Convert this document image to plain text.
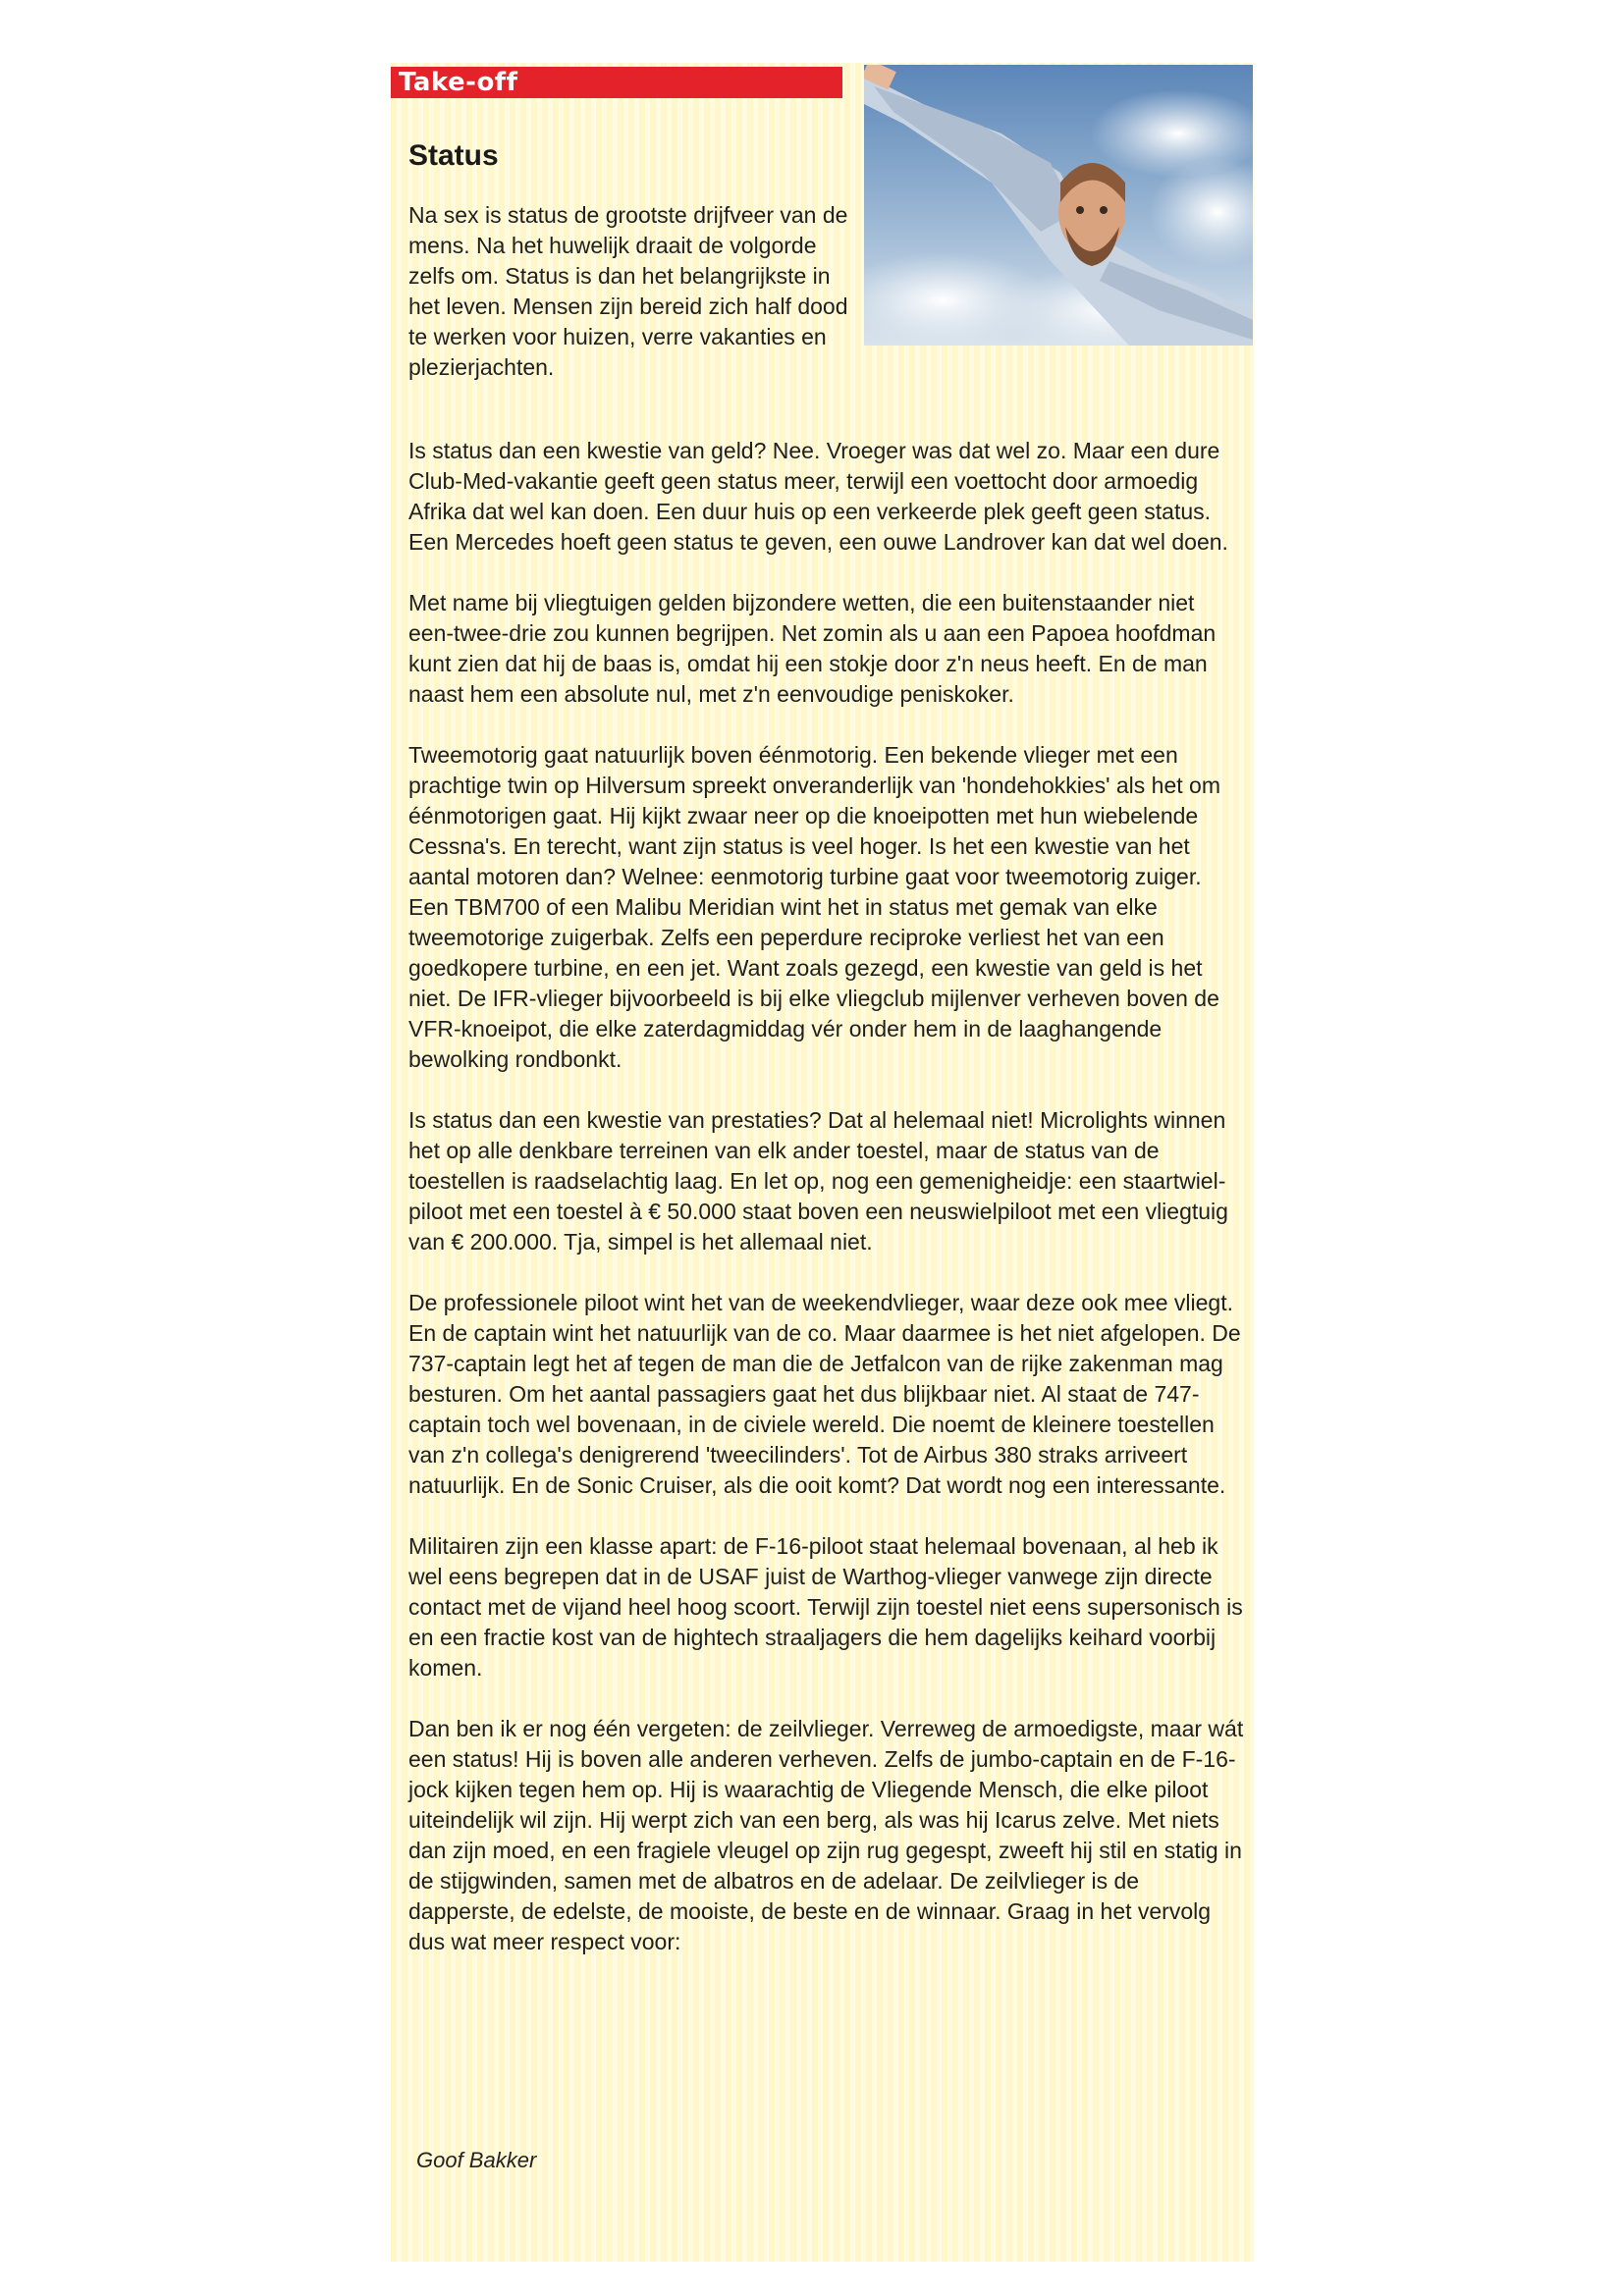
Take-off
Status

Na sex is status de grootste drijfveer van de mens. Na het huwelijk draait de volgorde zelfs om. Status is dan het belangrijkste in het leven. Mensen zijn bereid zich half dood te werken voor huizen, verre vakanties en plezierjachten.

Is status dan een kwestie van geld? Nee. Vroeger was dat wel zo. Maar een dure Club-Med-vakantie geeft geen status meer, terwijl een voettocht door armoedig Afrika dat wel kan doen. Een duur huis op een verkeerde plek geeft geen status. Een Mercedes hoeft geen status te geven, een ouwe Landrover kan dat wel doen.

Met name bij vliegtuigen gelden bijzondere wetten, die een buitenstaander niet een-twee-drie zou kunnen begrijpen. Net zomin als u aan een Papoea hoofdman kunt zien dat hij de baas is, omdat hij een stokje door z'n neus heeft. En de man naast hem een absolute nul, met z'n eenvoudige peniskoker.

Tweemotorig gaat natuurlijk boven éénmotorig. Een bekende vlieger met een prachtige twin op Hilversum spreekt onveranderlijk van 'hondehokkies' als het om éénmotorigen gaat. Hij kijkt zwaar neer op die knoeipotten met hun wiebelende Cessna's. En terecht, want zijn status is veel hoger. Is het een kwestie van het aantal motoren dan? Welnee: eenmotorig turbine gaat voor tweemotorig zuiger. Een TBM700 of een Malibu Meridian wint het in status met gemak van elke tweemotorige zuigerbak. Zelfs een peperdure reciproke verliest het van een goedkopere turbine, en een jet. Want zoals gezegd, een kwestie van geld is het niet. De IFR-vlieger bijvoorbeeld is bij elke vliegclub mijlenver verheven boven de VFR-knoeipot, die elke zaterdagmiddag vér onder hem in de laaghangende bewolking rondbonkt.

Is status dan een kwestie van prestaties? Dat al helemaal niet! Microlights winnen het op alle denkbare terreinen van elk ander toestel, maar de status van de toestellen is raadselachtig laag. En let op, nog een gemenigheidje: een staartwiel-piloot met een toestel à € 50.000 staat boven een neuswielpiloot met een vliegtuig van € 200.000. Tja, simpel is het allemaal niet.

De professionele piloot wint het van de weekendvlieger, waar deze ook mee vliegt. En de captain wint het natuurlijk van de co. Maar daarmee is het niet afgelopen. De 737-captain legt het af tegen de man die de Jetfalcon van de rijke zakenman mag besturen. Om het aantal passagiers gaat het dus blijkbaar niet. Al staat de 747-captain toch wel bovenaan, in de civiele wereld. Die noemt de kleinere toestellen van z'n collega's denigrerend 'tweecilinders'. Tot de Airbus 380 straks arriveert natuurlijk. En de Sonic Cruiser, als die ooit komt? Dat wordt nog een interessante.

Militairen zijn een klasse apart: de F-16-piloot staat helemaal bovenaan, al heb ik wel eens begrepen dat in de USAF juist de Warthog-vlieger vanwege zijn directe contact met de vijand heel hoog scoort. Terwijl zijn toestel niet eens supersonisch is en een fractie kost van de hightech straaljagers die hem dagelijks keihard voorbij komen.

Dan ben ik er nog één vergeten: de zeilvlieger. Verreweg de armoedigste, maar wát een status! Hij is boven alle anderen verheven. Zelfs de jumbo-captain en de F-16-jock kijken tegen hem op. Hij is waarachtig de Vliegende Mensch, die elke piloot uiteindelijk wil zijn. Hij werpt zich van een berg, als was hij Icarus zelve. Met niets dan zijn moed, en een fragiele vleugel op zijn rug gegespt, zweeft hij stil en statig in de stijgwinden, samen met de albatros en de adelaar. De zeilvlieger is de dapperste, de edelste, de mooiste, de beste en de winnaar. Graag in het vervolg dus wat meer respect voor:

Goof Bakker
